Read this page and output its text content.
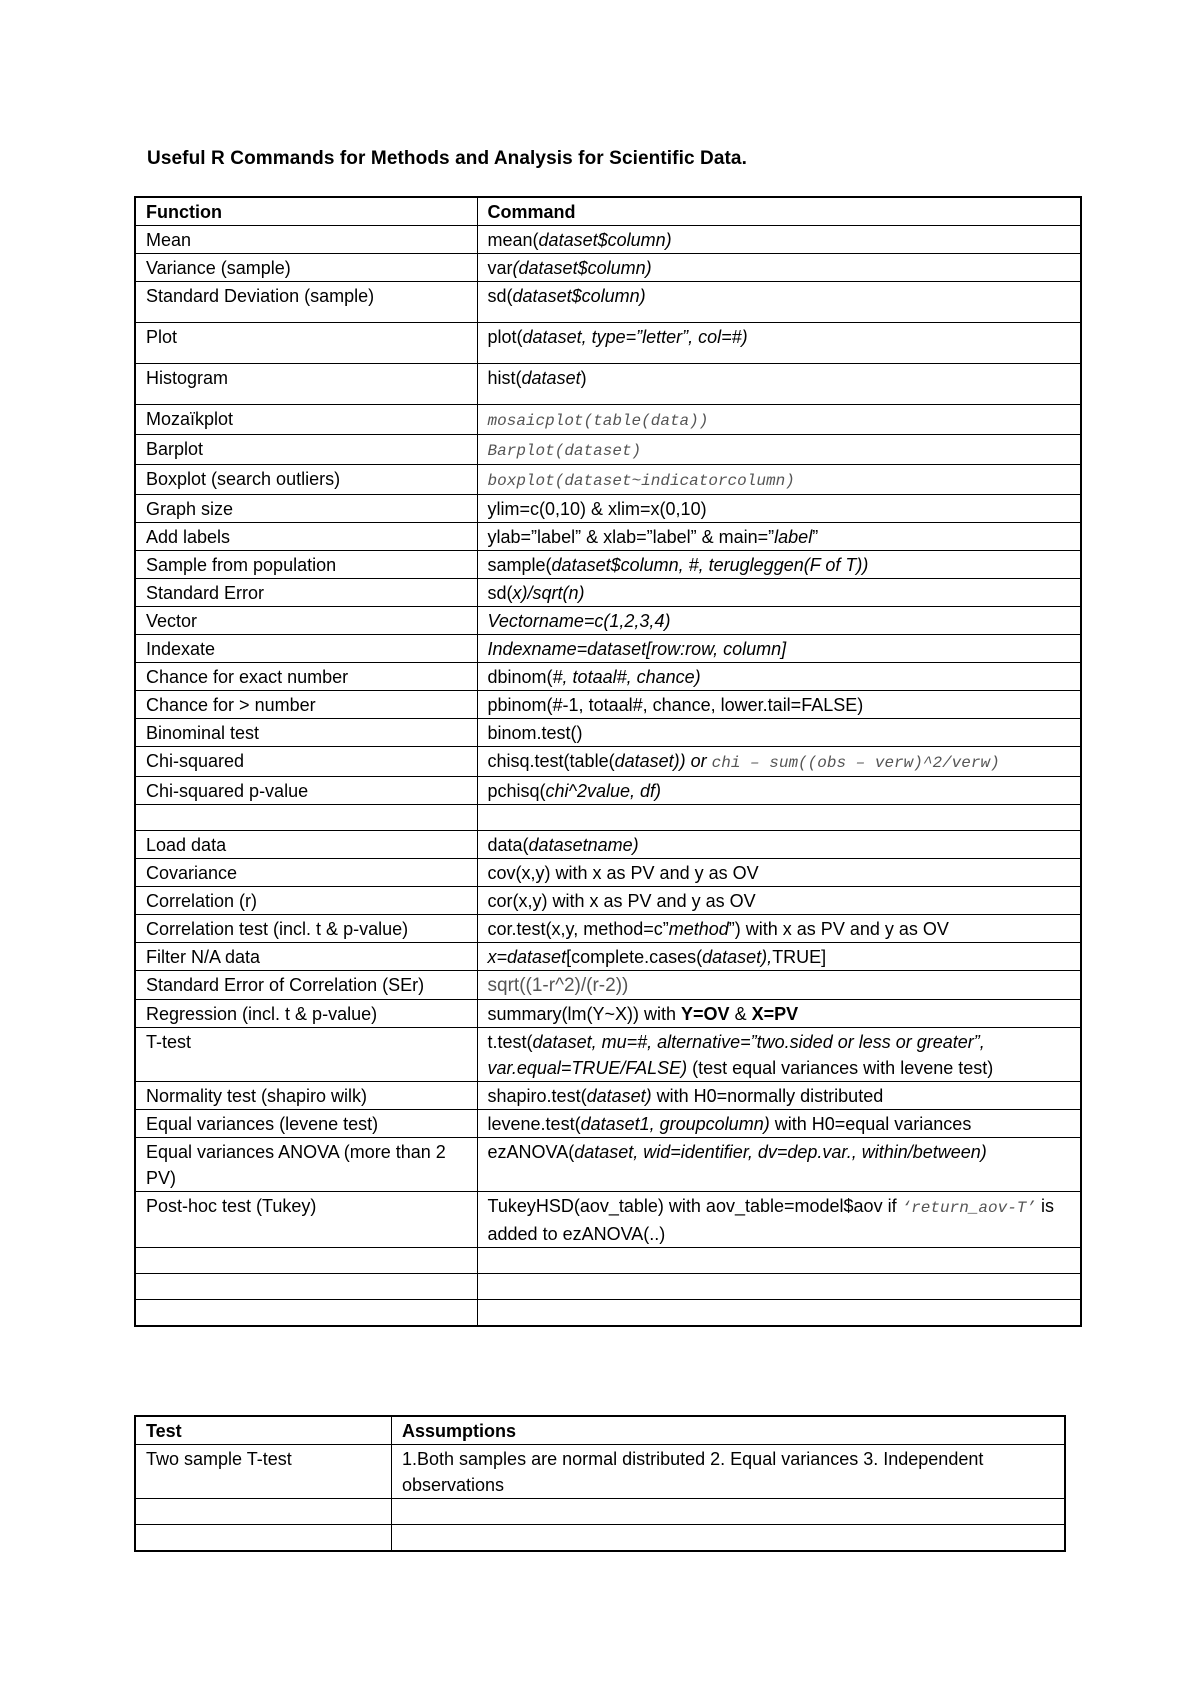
Useful R Commands for Methods and Analysis for Scientific Data.
Function	Command
Mean	mean(dataset$column)
Variance (sample)	var(dataset$column)
Standard Deviation (sample)	sd(dataset$column)
Plot	plot(dataset, type=”letter”, col=#)
Histogram	hist(dataset)
Mozaïkplot	mosaicplot(table(data))
Barplot	Barplot(dataset)
Boxplot (search outliers)	boxplot(dataset~indicatorcolumn)
Graph size	ylim=c(0,10) & xlim=x(0,10)
Add labels	ylab=”label” & xlab=”label” & main=”label”
Sample from population	sample(dataset$column, #, terugleggen(F of T))
Standard Error	sd(x)/sqrt(n)
Vector	Vectorname=c(1,2,3,4)
Indexate	Indexname=dataset[row:row, column]
Chance for exact number	dbinom(#, totaal#, chance)
Chance for > number	pbinom(#-1, totaal#, chance, lower.tail=FALSE)
Binominal test	binom.test()
Chi-squared	chisq.test(table(dataset)) or chi – sum((obs – verw)^2/verw)
Chi-squared p-value	pchisq(chi^2value, df)

Load data	data(datasetname)
Covariance	cov(x,y) with x as PV and y as OV
Correlation (r)	cor(x,y) with x as PV and y as OV
Correlation test (incl. t & p-value)	cor.test(x,y, method=c”method”) with x as PV and y as OV
Filter N/A data	x=dataset[complete.cases(dataset),TRUE]
Standard Error of Correlation (SEr)	sqrt((1-r^2)/(r-2))
Regression (incl. t & p-value)	summary(lm(Y~X)) with Y=OV & X=PV
T-test	t.test(dataset, mu=#, alternative=”two.sided or less or greater”, var.equal=TRUE/FALSE) (test equal variances with levene test)
Normality test (shapiro wilk)	shapiro.test(dataset) with H0=normally distributed
Equal variances (levene test)	levene.test(dataset1, groupcolumn) with H0=equal variances
Equal variances ANOVA (more than 2 PV)	ezANOVA(dataset, wid=identifier, dv=dep.var., within/between)
Post-hoc test (Tukey)	TukeyHSD(aov_table) with aov_table=model$aov if ‘return_aov-T’ is added to ezANOVA(..)

Test	Assumptions
Two sample T-test	1.Both samples are normal distributed 2. Equal variances 3. Independent observations
